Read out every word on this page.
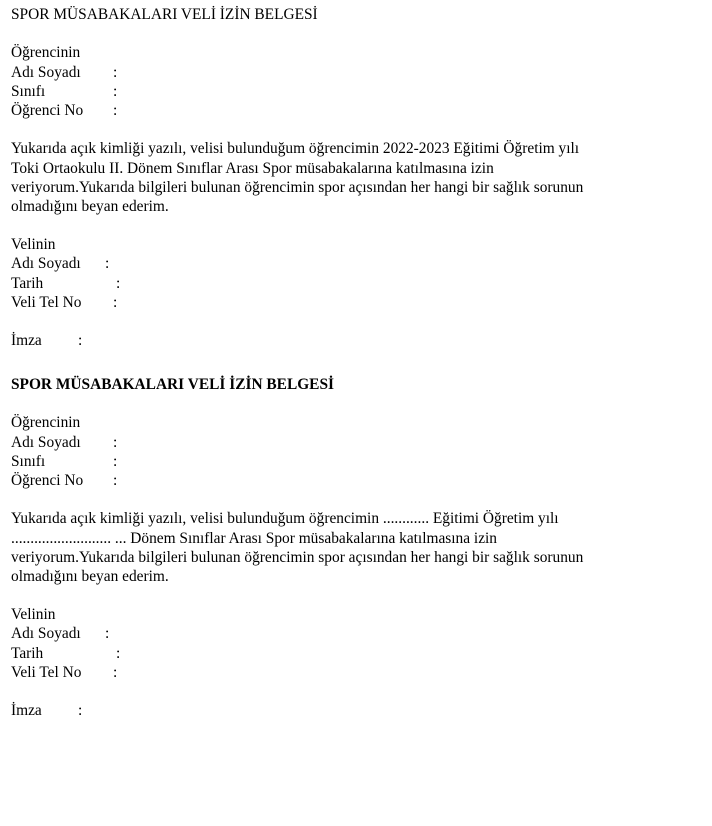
SPOR MÜSABAKALARI VELİ İZİN BELGESİ
Öğrencinin
Adı Soyadı :
Sınıfı	:
Öğrenci No :

Yukarıda açık kimliği yazılı, velisi bulunduğum öğrencimin 2022-2023 Eğitimi Öğretim yılı
Toki Ortaokulu II. Dönem Sınıflar Arası Spor müsabakalarına katılmasına izin
veriyorum.Yukarıda bilgileri bulunan öğrencimin spor açısından her hangi bir sağlık sorunun
olmadığını beyan ederim.

Velinin
Adı Soyadı :
Tarih	:
Veli Tel No :
İmza :
SPOR MÜSABAKALARI VELİ İZİN BELGESİ
Öğrencinin
Adı Soyadı :
Sınıfı	:
Öğrenci No :

Yukarıda açık kimliği yazılı, velisi bulunduğum öğrencimin ............ Eğitimi Öğretim yılı
.......................... ... Dönem Sınıflar Arası Spor müsabakalarına katılmasına izin
veriyorum.Yukarıda bilgileri bulunan öğrencimin spor açısından her hangi bir sağlık sorunun
olmadığını beyan ederim.

Velinin
Adı Soyadı :
Tarih	:
Veli Tel No :
İmza :
